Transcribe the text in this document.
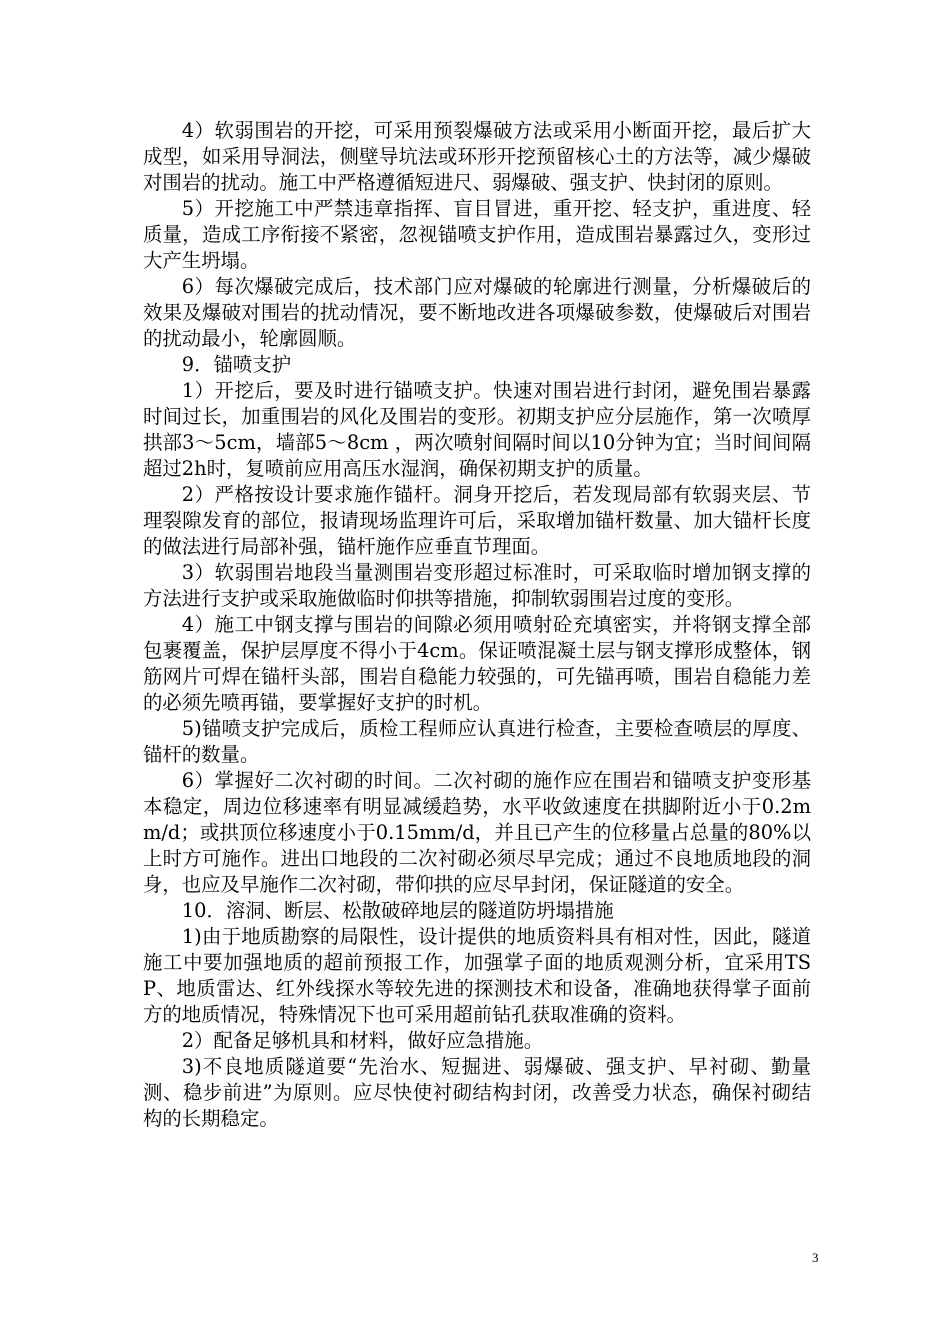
4）软弱围岩的开挖，可采用预裂爆破方法或采用小断面开挖，最后扩大成型，如采用导洞法，侧壁导坑法或环形开挖预留核心土的方法等，减少爆破对围岩的扰动。施工中严格遵循短进尺、弱爆破、强支护、快封闭的原则。

5）开挖施工中严禁违章指挥、盲目冒进，重开挖、轻支护，重进度、轻质量，造成工序衔接不紧密，忽视锚喷支护作用，造成围岩暴露过久，变形过大产生坍塌。

6）每次爆破完成后，技术部门应对爆破的轮廓进行测量，分析爆破后的效果及爆破对围岩的扰动情况，要不断地改进各项爆破参数，使爆破后对围岩的扰动最小，轮廓圆顺。

9．锚喷支护

1）开挖后，要及时进行锚喷支护。快速对围岩进行封闭，避免围岩暴露时间过长，加重围岩的风化及围岩的变形。初期支护应分层施作，第一次喷厚拱部3～5cm，墙部5～8cm ，两次喷射间隔时间以10分钟为宜；当时间间隔超过2h时，复喷前应用高压水湿润，确保初期支护的质量。

2）严格按设计要求施作锚杆。洞身开挖后，若发现局部有软弱夹层、节理裂隙发育的部位，报请现场监理许可后，采取增加锚杆数量、加大锚杆长度的做法进行局部补强，锚杆施作应垂直节理面。

3）软弱围岩地段当量测围岩变形超过标准时，可采取临时增加钢支撑的方法进行支护或采取施做临时仰拱等措施，抑制软弱围岩过度的变形。

4）施工中钢支撑与围岩的间隙必须用喷射砼充填密实，并将钢支撑全部包裹覆盖，保护层厚度不得小于4cm。保证喷混凝土层与钢支撑形成整体，钢筋网片可焊在锚杆头部，围岩自稳能力较强的，可先锚再喷，围岩自稳能力差的必须先喷再锚，要掌握好支护的时机。

5)锚喷支护完成后，质检工程师应认真进行检查，主要检查喷层的厚度、锚杆的数量。

6）掌握好二次衬砌的时间。二次衬砌的施作应在围岩和锚喷支护变形基本稳定，周边位移速率有明显减缓趋势，水平收敛速度在拱脚附近小于0.2mm/d；或拱顶位移速度小于0.15mm/d，并且已产生的位移量占总量的80%以上时方可施作。进出口地段的二次衬砌必须尽早完成；通过不良地质地段的洞身，也应及早施作二次衬砌，带仰拱的应尽早封闭，保证隧道的安全。

10．溶洞、断层、松散破碎地层的隧道防坍塌措施

1)由于地质勘察的局限性，设计提供的地质资料具有相对性，因此，隧道施工中要加强地质的超前预报工作，加强掌子面的地质观测分析，宜采用TSP、地质雷达、红外线探水等较先进的探测技术和设备，准确地获得掌子面前方的地质情况，特殊情况下也可采用超前钻孔获取准确的资料。

2）配备足够机具和材料，做好应急措施。

3)不良地质隧道要“先治水、短掘进、弱爆破、强支护、早衬砌、勤量测、稳步前进”为原则。应尽快使衬砌结构封闭，改善受力状态，确保衬砌结构的长期稳定。

3
